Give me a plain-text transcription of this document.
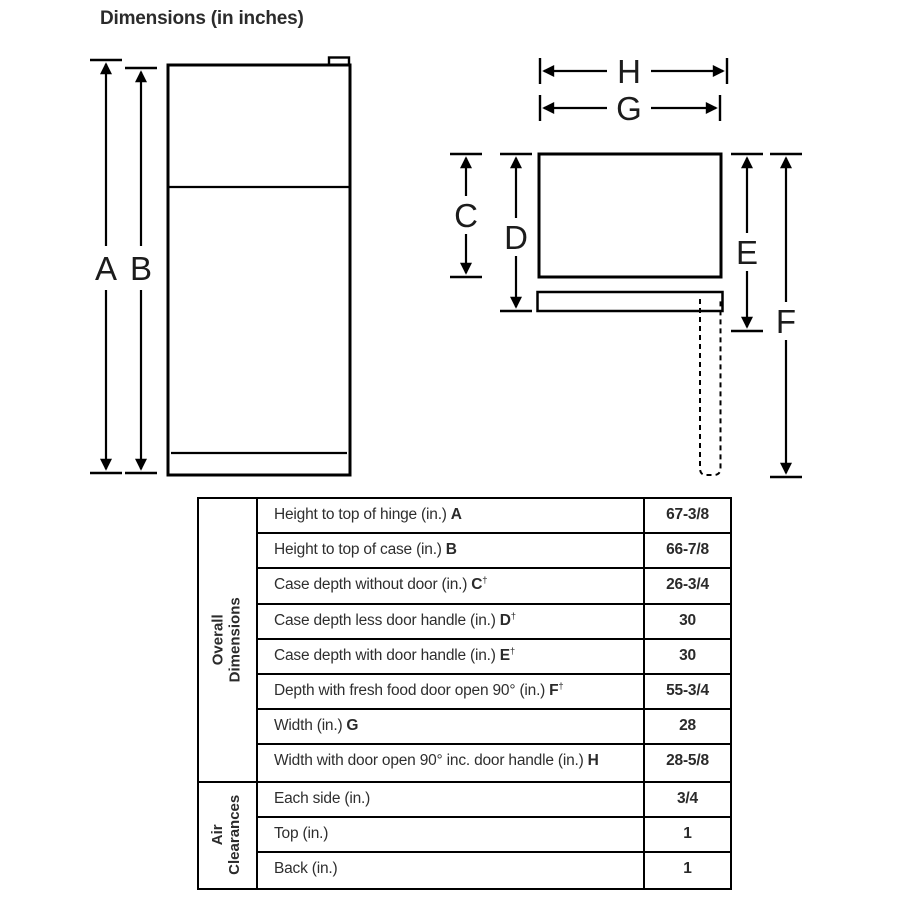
Dimensions (in inches)
A B
H
G
C
D	E
F
Overall Dimensions
Height to top of hinge (in.) A	67-3/8
Height to top of case (in.) B	66-7/8
Case depth without door (in.) C†	26-3/4
Case depth less door handle (in.) D†	30
Case depth with door handle (in.) E†	30
Depth with fresh food door open 90° (in.) F†	55-3/4
Width (in.) G	28
Width with door open 90° inc. door handle (in.) H	28-5/8
Air Clearances	Each side (in.)	3/4
Top (in.)	1
Back (in.)	1
